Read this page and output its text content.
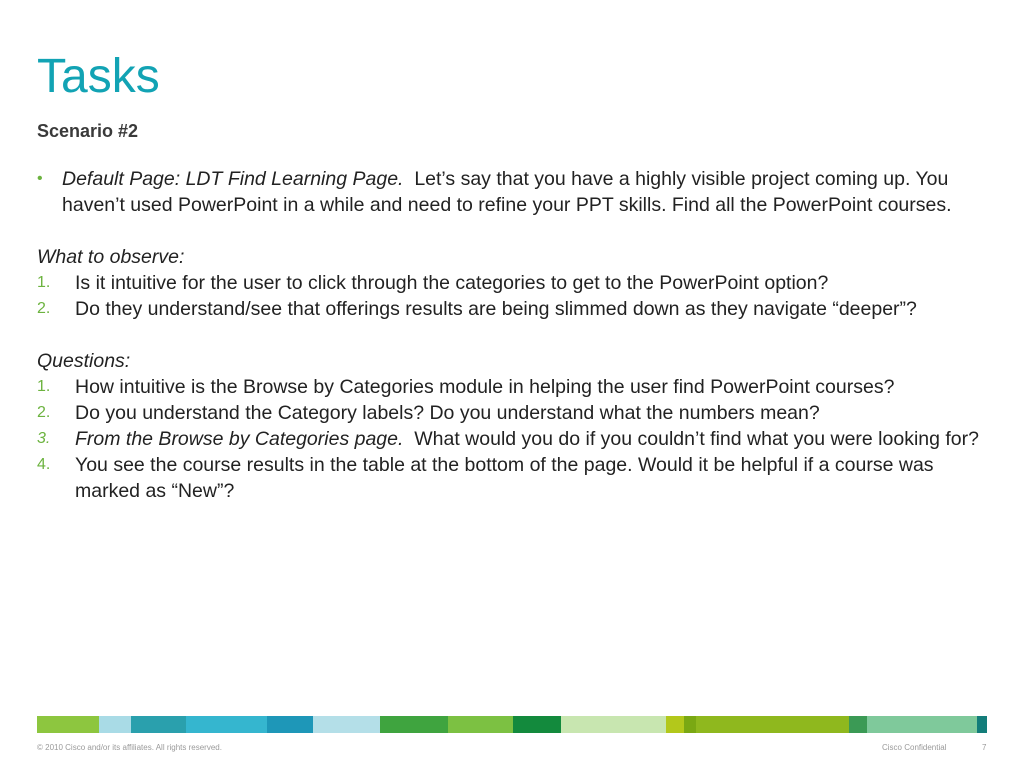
Tasks
Scenario #2

• Default Page: LDT Find Learning Page. Let’s say that you have a highly visible project coming up. You haven’t used PowerPoint in a while and need to refine your PPT skills. Find all the PowerPoint courses.

What to observe:
1. Is it intuitive for the user to click through the categories to get to the PowerPoint option?
2. Do they understand/see that offerings results are being slimmed down as they navigate “deeper”?
Questions:
1. How intuitive is the Browse by Categories module in helping the user find PowerPoint courses?
2. Do you understand the Category labels? Do you understand what the numbers mean?
3. From the Browse by Categories page. What would you do if you couldn’t find what you were looking for?
4. You see the course results in the table at the bottom of the page. Would it be helpful if a course was marked as “New”?
© 2010 Cisco and/or its affiliates. All rights reserved.	Cisco Confidential	7
